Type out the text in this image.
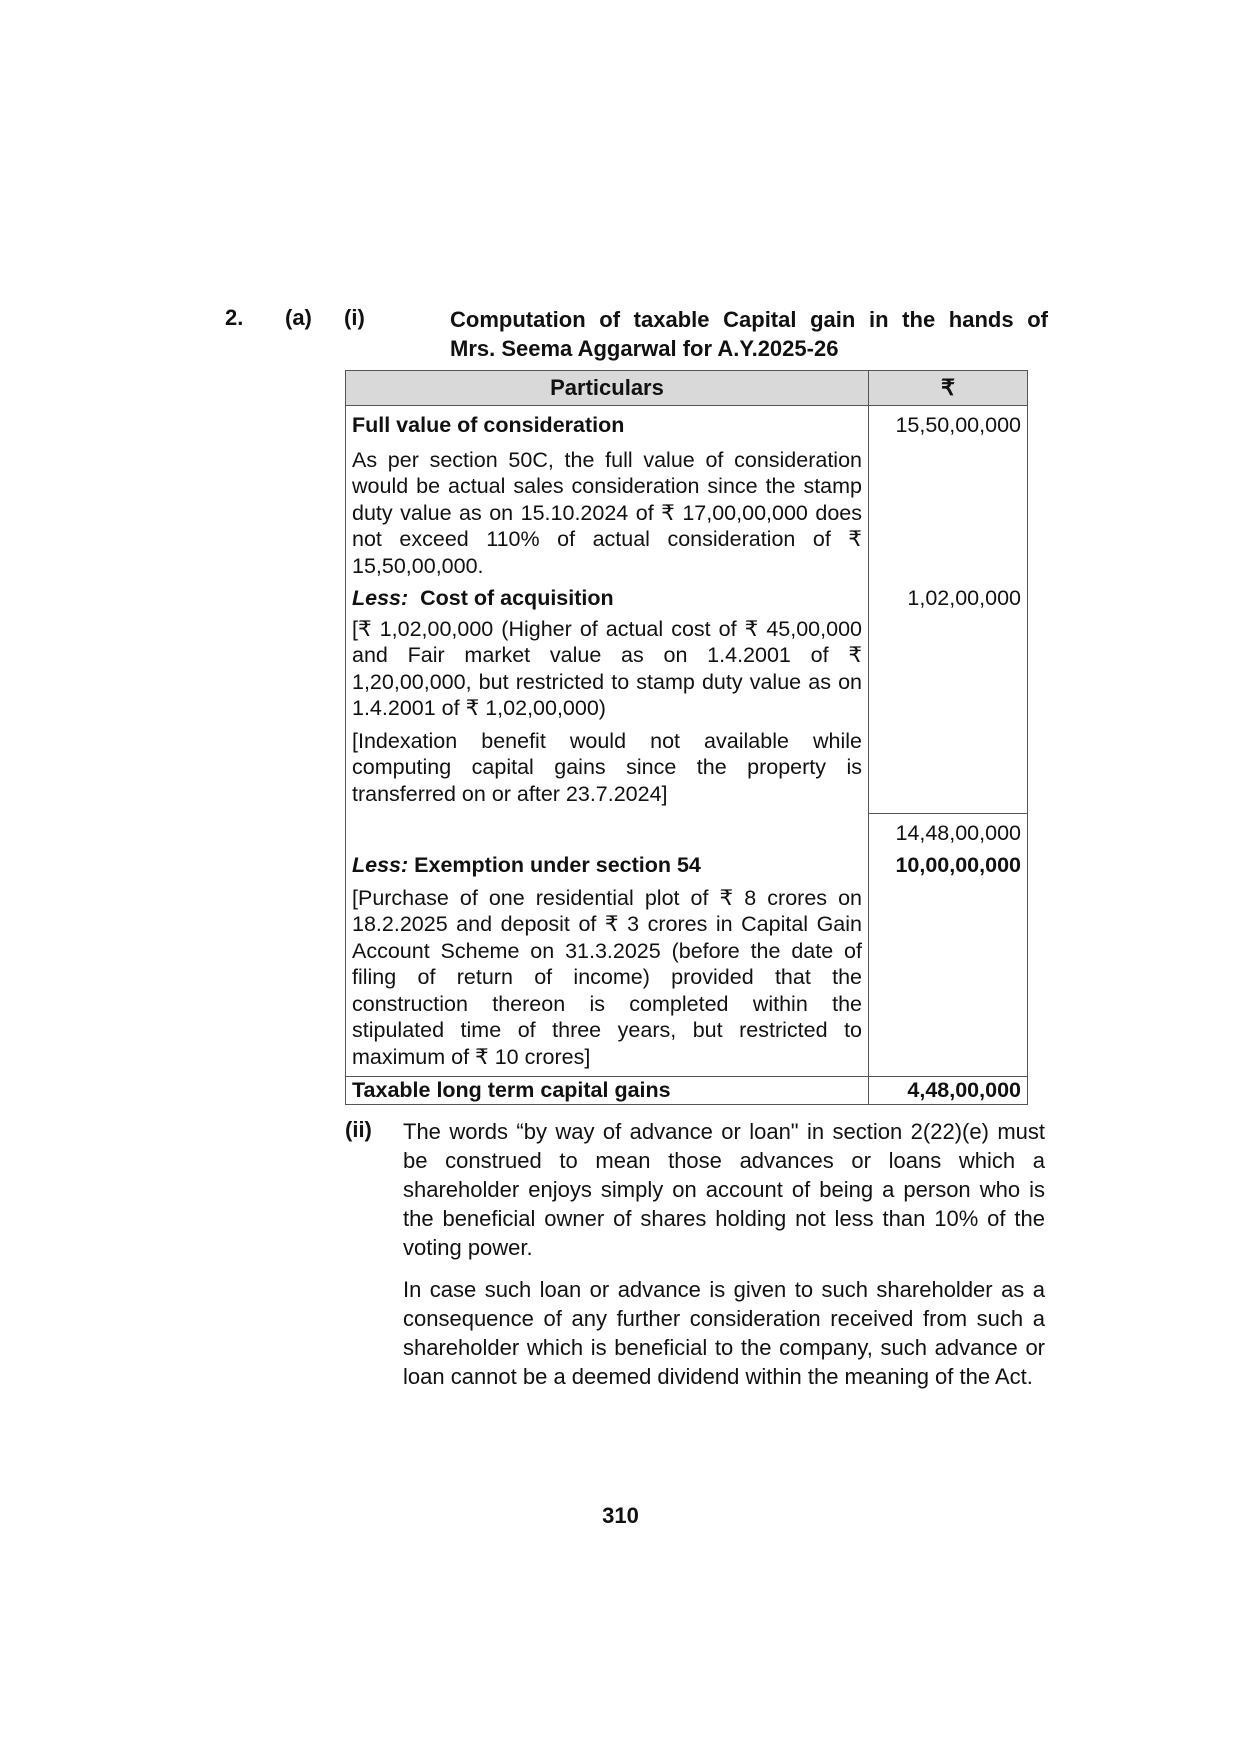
2. (a) (i)	Computation of taxable Capital gain in the hands of
Mrs. Seema Aggarwal for A.Y.2025-26
Particulars	₹

Full value of consideration
As per section 50C, the full value of consideration would be actual sales consideration since the stamp duty value as on 15.10.2024 of ₹ 17,00,00,000 does not exceed 110% of actual consideration of ₹ 15,50,00,000.	15,50,00,000

Less: Cost of acquisition
[₹ 1,02,00,000 (Higher of actual cost of ₹ 45,00,000 and Fair market value as on 1.4.2001 of ₹ 1,20,00,000, but restricted to stamp duty value as on 1.4.2001 of ₹ 1,02,00,000)
[Indexation benefit would not available while computing capital gains since the property is transferred on or after 23.7.2024]	1,02,00,000
	14,48,00,000

Less: Exemption under section 54
[Purchase of one residential plot of ₹ 8 crores on 18.2.2025 and deposit of ₹ 3 crores in Capital Gain Account Scheme on 31.3.2025 (before the date of filing of return of income) provided that the construction thereon is completed within the stipulated time of three years, but restricted to maximum of ₹ 10 crores]	10,00,00,000
Taxable long term capital gains	4,48,00,000
(ii) The words “by way of advance or loan" in section 2(22)(e) must be construed to mean those advances or loans which a shareholder enjoys simply on account of being a person who is the beneficial owner of shares holding not less than 10% of the voting power.

In case such loan or advance is given to such shareholder as a consequence of any further consideration received from such a shareholder which is beneficial to the company, such advance or loan cannot be a deemed dividend within the meaning of the Act.

310
